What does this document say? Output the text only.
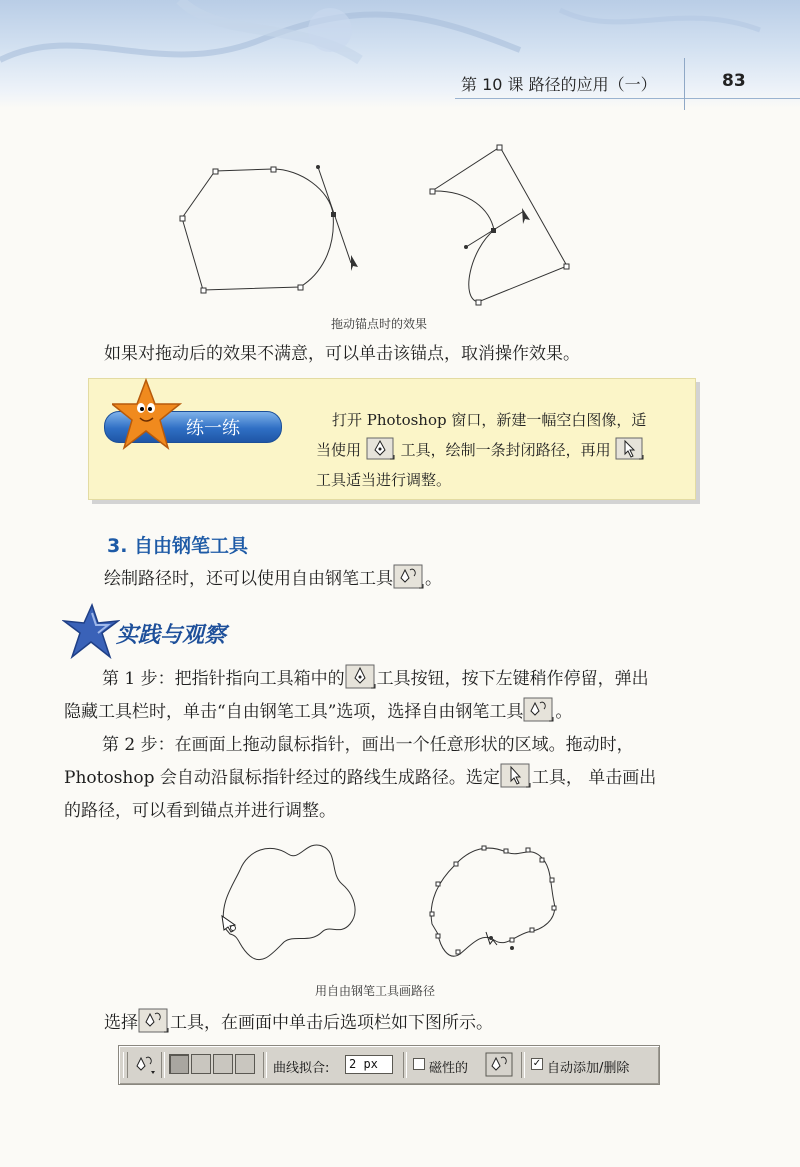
第 10 课 路径的应用（一）	83
拖动锚点时的效果
如果对拖动后的效果不满意，可以单击该锚点，取消操作效果。
练一练	打开 Photoshop 窗口，新建一幅空白图像，适
当使用	工具，绘制一条封闭路径，再用
工具适当进行调整。
3. 自由钢笔工具
绘制路径时，还可以使用自由钢笔工具 。
实践与观察
第 1 步：把指针指向工具箱中的 工具按钮，按下左键稍作停留，弹出
隐藏工具栏时，单击“自由钢笔工具”选项，选择自由钢笔工具 。
第 2 步：在画面上拖动鼠标指针，画出一个任意形状的区域。拖动时，
Photoshop 会自动沿鼠标指针经过的路线生成路径。选定 工具， 单击画出
的路径，可以看到锚点并进行调整。
用自由钢笔工具画路径
选择 工具，在画面中单击后选项栏如下图所示。
曲线拟合:	2 px	磁性的	✓ 自动添加/删除
